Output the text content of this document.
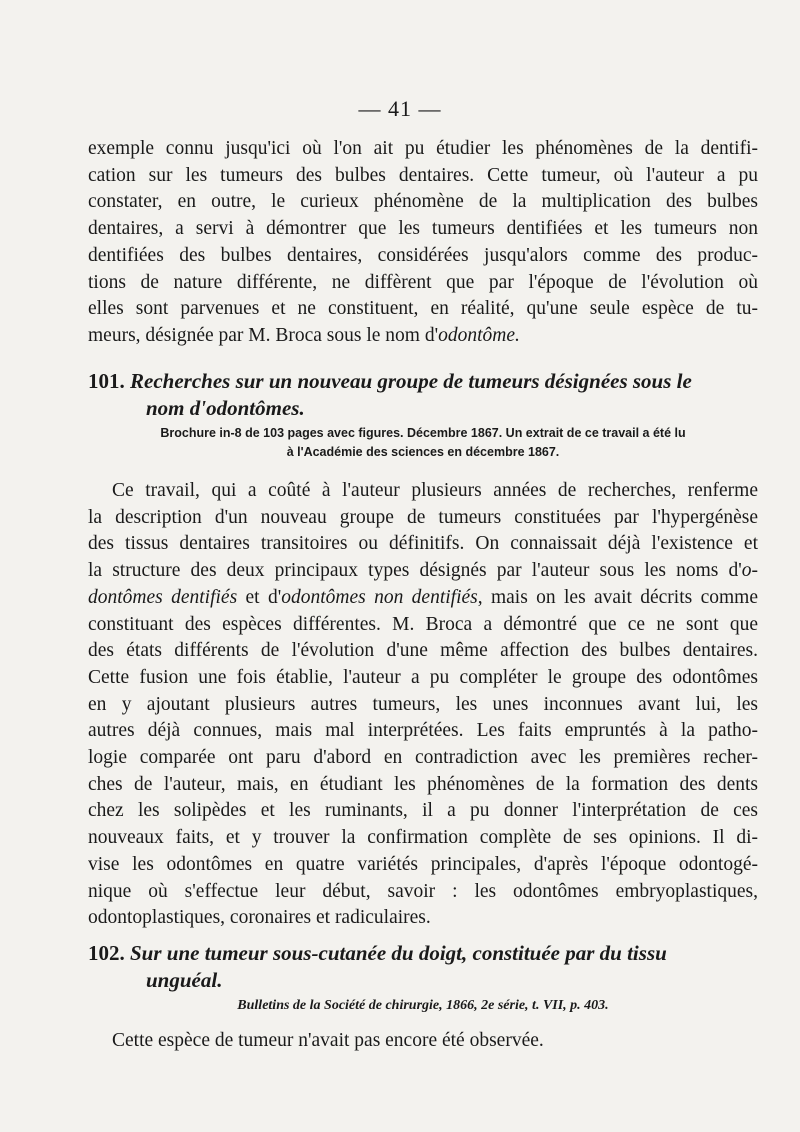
— 41 —

exemple connu jusqu'ici où l'on ait pu étudier les phénomènes de la dentifi-
cation sur les tumeurs des bulbes dentaires. Cette tumeur, où l'auteur a pu
constater, en outre, le curieux phénomène de la multiplication des bulbes
dentaires, a servi à démontrer que les tumeurs dentifiées et les tumeurs non
dentifiées des bulbes dentaires, considérées jusqu'alors comme des produc-
tions de nature différente, ne diffèrent que par l'époque de l'évolution où
elles sont parvenues et ne constituent, en réalité, qu'une seule espèce de tu-
meurs, désignée par M. Broca sous le nom d'odontôme.

101. Recherches sur un nouveau groupe de tumeurs désignées sous le
nom d'odontômes.

Brochure in-8 de 103 pages avec figures. Décembre 1867. Un extrait de ce travail a été lu
à l'Académie des sciences en décembre 1867.

Ce travail, qui a coûté à l'auteur plusieurs années de recherches, renferme
la description d'un nouveau groupe de tumeurs constituées par l'hypergénèse
des tissus dentaires transitoires ou définitifs. On connaissait déjà l'existence et
la structure des deux principaux types désignés par l'auteur sous les noms d'o-
dontômes dentifiés et d'odontômes non dentifiés, mais on les avait décrits comme
constituant des espèces différentes. M. Broca a démontré que ce ne sont que
des états différents de l'évolution d'une même affection des bulbes dentaires.
Cette fusion une fois établie, l'auteur a pu compléter le groupe des odontômes
en y ajoutant plusieurs autres tumeurs, les unes inconnues avant lui, les
autres déjà connues, mais mal interprétées. Les faits empruntés à la patho-
logie comparée ont paru d'abord en contradiction avec les premières recher-
ches de l'auteur, mais, en étudiant les phénomènes de la formation des dents
chez les solipèdes et les ruminants, il a pu donner l'interprétation de ces
nouveaux faits, et y trouver la confirmation complète de ses opinions. Il di-
vise les odontômes en quatre variétés principales, d'après l'époque odontogé-
nique où s'effectue leur début, savoir : les odontômes embryoplastiques,
odontoplastiques, coronaires et radiculaires.

102. Sur une tumeur sous-cutanée du doigt, constituée par du tissu
unguéal.

Bulletins de la Société de chirurgie, 1866, 2e série, t. VII, p. 403.

Cette espèce de tumeur n'avait pas encore été observée.
